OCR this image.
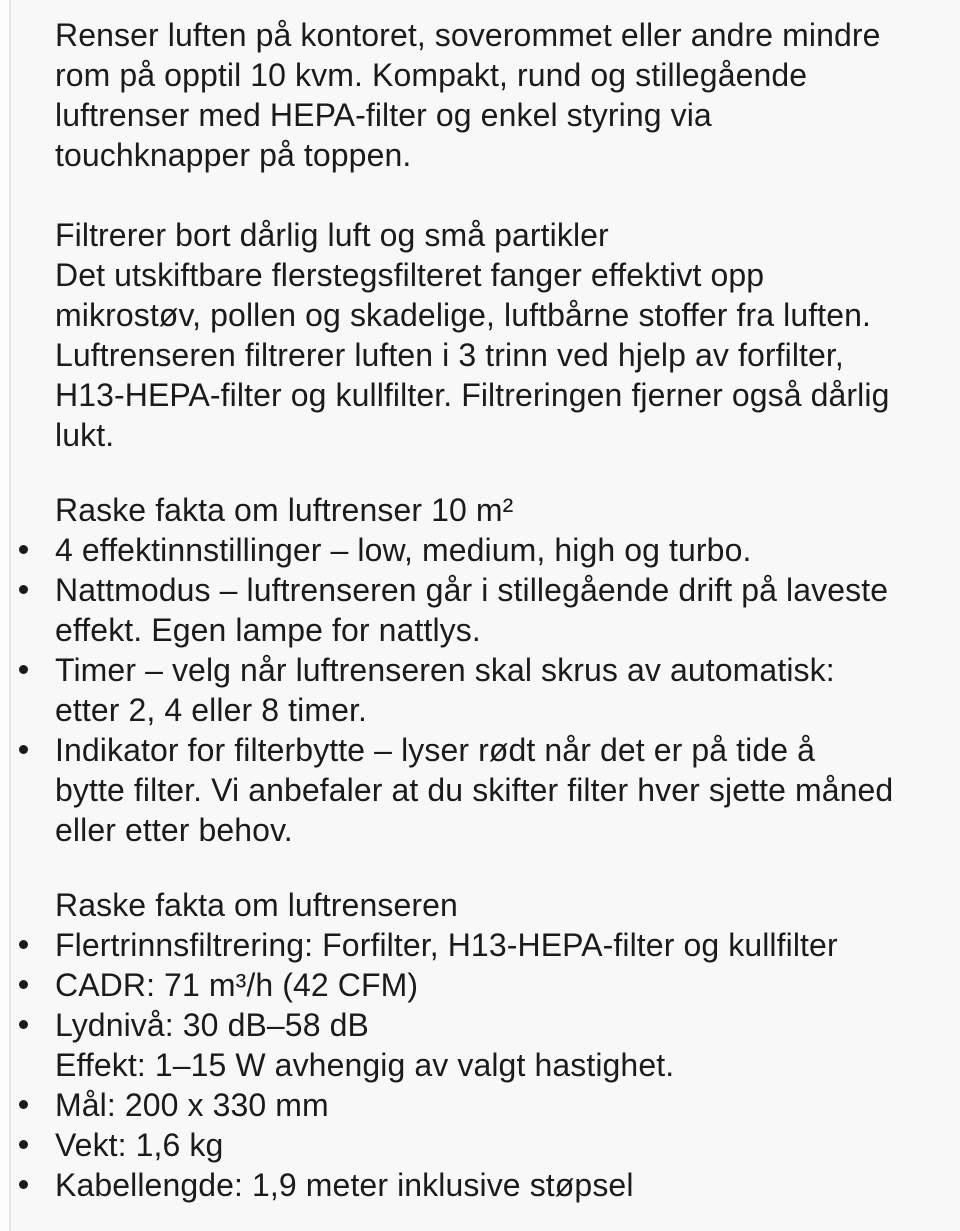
Renser luften på kontoret, soverommet eller andre mindre
rom på opptil 10 kvm. Kompakt, rund og stillegående
luftrenser med HEPA-filter og enkel styring via
touchknapper på toppen.
Filtrerer bort dårlig luft og små partikler
Det utskiftbare flerstegsfilteret fanger effektivt opp
mikrostøv, pollen og skadelige, luftbårne stoffer fra luften.
Luftrenseren filtrerer luften i 3 trinn ved hjelp av forfilter,
H13-HEPA-filter og kullfilter. Filtreringen fjerner også dårlig
lukt.
Raske fakta om luftrenser 10 m²
4 effektinnstillinger – low, medium, high og turbo.
Nattmodus – luftrenseren går i stillegående drift på laveste
effekt. Egen lampe for nattlys.
Timer – velg når luftrenseren skal skrus av automatisk:
etter 2, 4 eller 8 timer.
Indikator for filterbytte – lyser rødt når det er på tide å
bytte filter. Vi anbefaler at du skifter filter hver sjette måned
eller etter behov.
Raske fakta om luftrenseren
Flertrinnsfiltrering: Forfilter, H13-HEPA-filter og kullfilter
CADR: 71 m³/h (42 CFM)
Lydnivå: 30 dB–58 dB
Effekt: 1–15 W avhengig av valgt hastighet.
Mål: 200 x 330 mm
Vekt: 1,6 kg
Kabellengde: 1,9 meter inklusive støpsel
